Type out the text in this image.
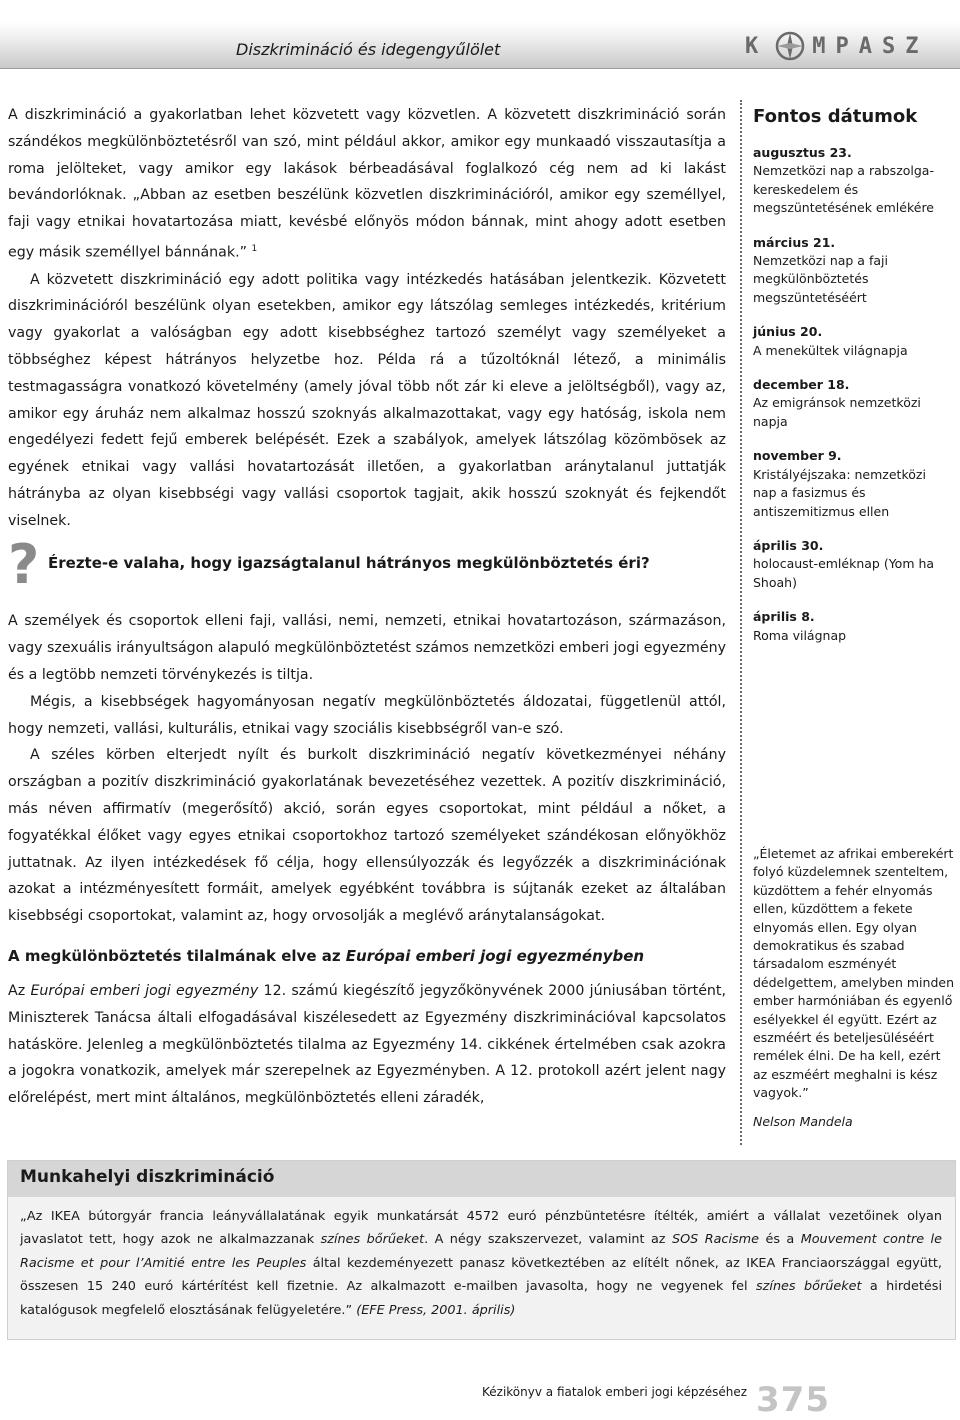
Diszkrimináció és idegengyűlölet	K MPASZ

A diszkrimináció a gyakorlatban lehet közvetett vagy közvetlen. A közvetett diszkrimináció során szándékos megkülönböztetésről van szó, mint például akkor, amikor egy munkaadó visszautasítja a roma jelölteket, vagy amikor egy lakások bérbeadásával foglalkozó cég nem ad ki lakást bevándorlóknak. „Abban az esetben beszélünk közvetlen diszkriminációról, amikor egy személlyel, faji vagy etnikai hovatartozása miatt, kevésbé előnyös módon bánnak, mint ahogy adott esetben egy másik személlyel bánnának.” $^1$

A közvetett diszkrimináció egy adott politika vagy intézkedés hatásában jelentkezik. Közvetett diszkriminációról beszélünk olyan esetekben, amikor egy látszólag semleges intézkedés, kritérium vagy gyakorlat a valóságban egy adott kisebbséghez tartozó személyt vagy személyeket a többséghez képest hátrányos helyzetbe hoz. Példa rá a tűzoltóknál létező, a minimális testmagasságra vonatkozó követelmény (amely jóval több nőt zár ki eleve a jelöltségből), vagy az, amikor egy áruház nem alkalmaz hosszú szoknyás alkalmazottakat, vagy egy hatóság, iskola nem engedélyezi fedett fejű emberek belépését. Ezek a szabályok, amelyek látszólag közömbösek az egyének etnikai vagy vallási hovatartozását illetően, a gyakorlatban aránytalanul juttatják hátrányba az olyan kisebbségi vagy vallási csoportok tagjait, akik hosszú szoknyát és fejkendőt viselnek.

? Érezte-e valaha, hogy igazságtalanul hátrányos megkülönböztetés éri?

A személyek és csoportok elleni faji, vallási, nemi, nemzeti, etnikai hovatartozáson, származáson, vagy szexuális irányultságon alapuló megkülönböztetést számos nemzetközi emberi jogi egyezmény és a legtöbb nemzeti törvénykezés is tiltja.

Mégis, a kisebbségek hagyományosan negatív megkülönböztetés áldozatai, függetlenül attól, hogy nemzeti, vallási, kulturális, etnikai vagy szociális kisebbségről van-e szó.

A széles körben elterjedt nyílt és burkolt diszkrimináció negatív következményei néhány országban a pozitív diszkrimináció gyakorlatának bevezetéséhez vezettek. A pozitív diszkrimináció, más néven affirmatív (megerősítő) akció, során egyes csoportokat, mint például a nőket, a fogyatékkal élőket vagy egyes etnikai csoportokhoz tartozó személyeket szándékosan előnyökhöz juttatnak. Az ilyen intézkedések fő célja, hogy ellensúlyozzák és legyőzzék a diszkriminációnak azokat a intézményesített formáit, amelyek egyébként továbbra is sújtanák ezeket az általában kisebbségi csoportokat, valamint az, hogy orvosolják a meglévő aránytalanságokat.

A megkülönböztetés tilalmának elve az Európai emberi jogi egyezményben

Az Európai emberi jogi egyezmény 12. számú kiegészítő jegyzőkönyvének 2000 júniusában történt, Miniszterek Tanácsa általi elfogadásával kiszélesedett az Egyezmény diszkriminációval kapcsolatos hatásköre. Jelenleg a megkülönböztetés tilalma az Egyezmény 14. cikkének értelmében csak azokra a jogokra vonatkozik, amelyek már szerepelnek az Egyezményben. A 12. protokoll azért jelent nagy előrelépést, mert mint általános, megkülönböztetés elleni záradék,

Fontos dátumok
augusztus 23.
Nemzetközi nap a rabszolga-kereskedelem és megszüntetésének emlékére
március 21.
Nemzetközi nap a faji megkülönböztetés megszüntetéséért
június 20.
A menekültek világnapja
december 18.
Az emigránsok nemzetközi napja
november 9.
Kristályéjszaka: nemzetközi nap a fasizmus és antiszemitizmus ellen
április 30.
holocaust-emléknap (Yom ha Shoah)
április 8.
Roma világnap
„Életemet az afrikai emberekért folyó küzdelemnek szenteltem, küzdöttem a fehér elnyomás ellen, küzdöttem a fekete elnyomás ellen. Egy olyan demokratikus és szabad társadalom eszményét dédelgettem, amelyben minden ember harmóniában és egyenlő esélyekkel él együtt. Ezért az eszméért és beteljesüléséért remélek élni. De ha kell, ezért az eszméért meghalni is kész vagyok.”
Nelson Mandela
Munkahelyi diszkrimináció
„Az IKEA bútorgyár francia leányvállalatának egyik munkatársát 4572 euró pénzbüntetésre ítélték, amiért a vállalat vezetőinek olyan javaslatot tett, hogy azok ne alkalmazzanak színes bőrűeket. A négy szakszervezet, valamint az SOS Racisme és a Mouvement contre le Racisme et pour l’Amitié entre les Peuples által kezdeményezett panasz következtében az elítélt nőnek, az IKEA Franciaországgal együtt, összesen 15 240 euró kártérítést kell fizetnie. Az alkalmazott e-mailben javasolta, hogy ne vegyenek fel színes bőrűeket a hirdetési katalógusok megfelelő elosztásának felügyeletére.” (EFE Press, 2001. április)
Kézikönyv a fiatalok emberi jogi képzéséhez 375
